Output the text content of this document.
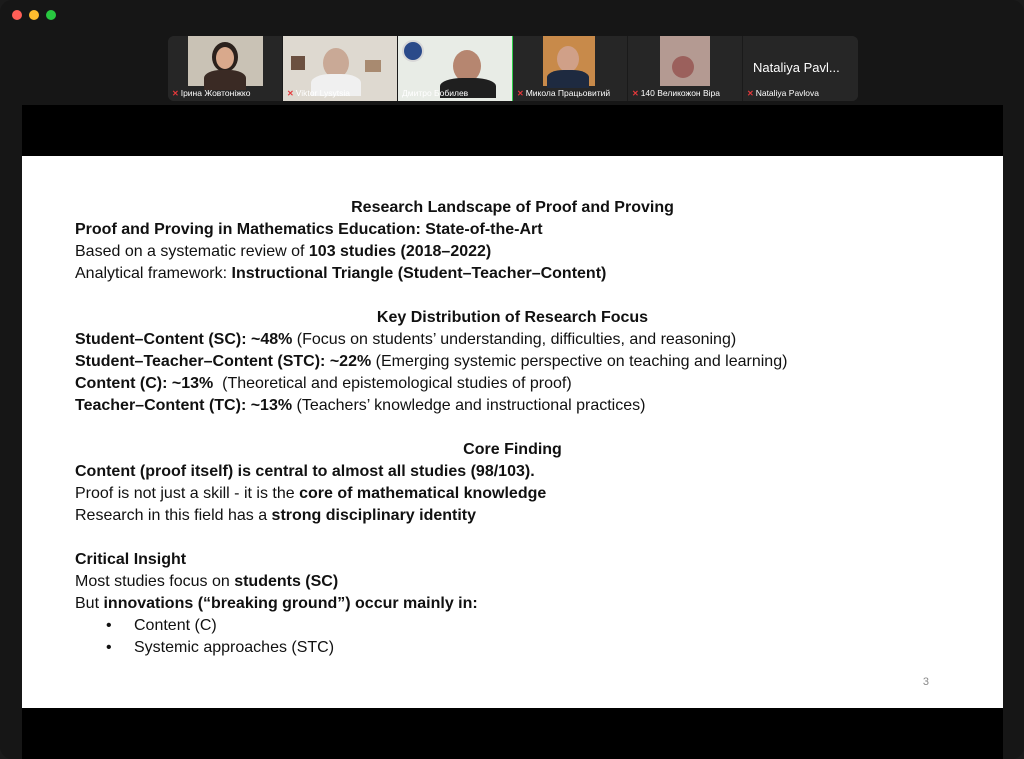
✕ Ірина Жовтоніжко	✕ Viktor Lysytsia	Дмитро Бобилев	✕ Микола Працьовитий	✕ 140 Великожон Віра
Nataliya Pavl...
✕ Nataliya Pavlova
Research Landscape of Proof and Proving
Proof and Proving in Mathematics Education: State-of-the-Art
Based on a systematic review of 103 studies (2018–2022)
Analytical framework: Instructional Triangle (Student–Teacher–Content)
Key Distribution of Research Focus
Student–Content (SC): ~48% (Focus on students’ understanding, difficulties, and reasoning)
Student–Teacher–Content (STC): ~22% (Emerging systemic perspective on teaching and learning)
Content (C): ~13%  (Theoretical and epistemological studies of proof)
Teacher–Content (TC): ~13% (Teachers’ knowledge and instructional practices)
Core Finding
Content (proof itself) is central to almost all studies (98/103).
Proof is not just a skill - it is the core of mathematical knowledge
Research in this field has a strong disciplinary identity
Critical Insight
Most studies focus on students (SC)
But innovations (“breaking ground”) occur mainly in:
• Content (C)
• Systemic approaches (STC)
3
